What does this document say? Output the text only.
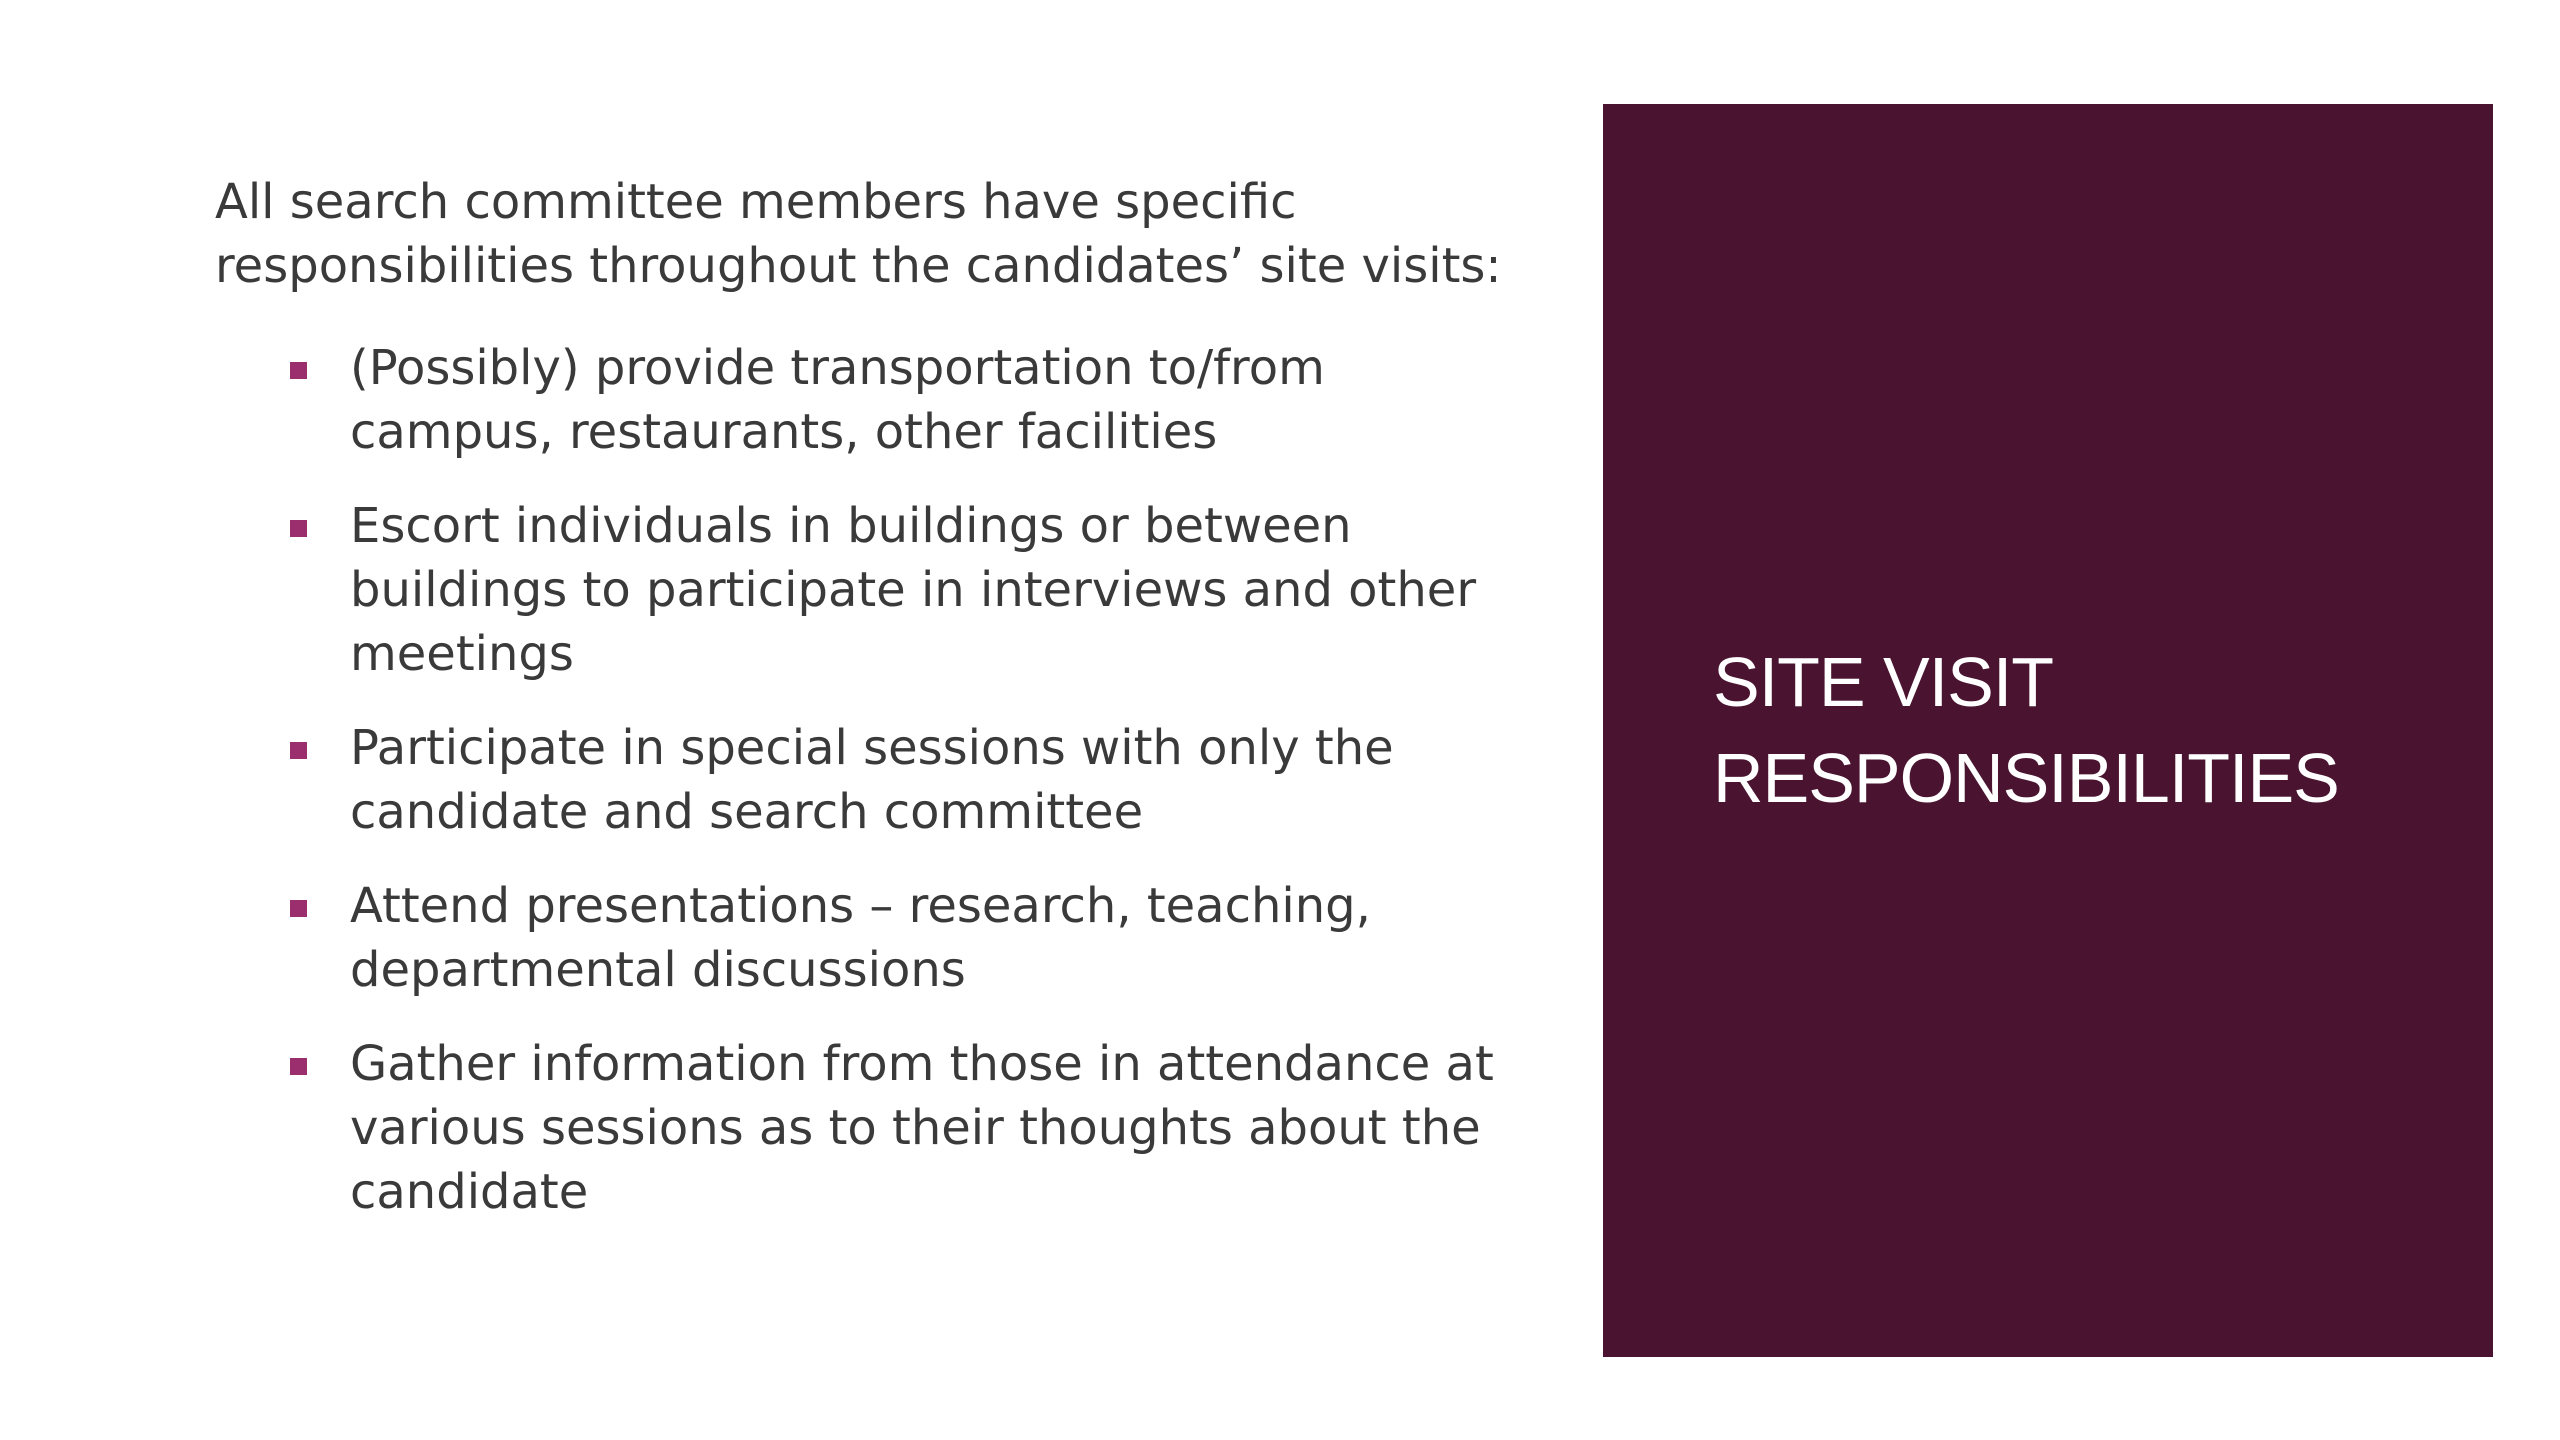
All search committee members have specific responsibilities throughout the candidates’ site visits:

(Possibly) provide transportation to/from campus, restaurants, other facilities
Escort individuals in buildings or between buildings to participate in interviews and other meetings
Participate in special sessions with only the candidate and search committee
Attend presentations – research, teaching, departmental discussions
Gather information from those in attendance at various sessions as to their thoughts about the candidate
SITE VISIT
RESPONSIBILITIES
